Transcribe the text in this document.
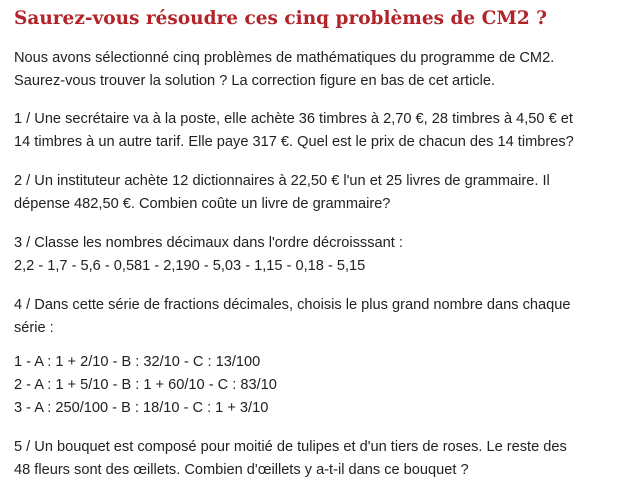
Saurez-vous résoudre ces cinq problèmes de CM2 ?

Nous avons sélectionné cinq problèmes de mathématiques du programme de CM2.
Saurez-vous trouver la solution ? La correction figure en bas de cet article.

1 / Une secrétaire va à la poste, elle achète 36 timbres à 2,70 €, 28 timbres à 4,50 € et
14 timbres à un autre tarif. Elle paye 317 €. Quel est le prix de chacun des 14 timbres?

2 / Un instituteur achète 12 dictionnaires à 22,50 € l'un et 25 livres de grammaire. Il
dépense 482,50 €. Combien coûte un livre de grammaire?

3 / Classe les nombres décimaux dans l'ordre décroisssant :
2,2 - 1,7 - 5,6 - 0,581 - 2,190 - 5,03 - 1,15 - 0,18 - 5,15

4 / Dans cette série de fractions décimales, choisis le plus grand nombre dans chaque
série :

1 - A : 1 + 2/10 - B : 32/10 - C : 13/100
2 - A : 1 + 5/10 - B : 1 + 60/10 - C : 83/10
3 - A : 250/100 - B : 18/10 - C : 1 + 3/10

5 / Un bouquet est composé pour moitié de tulipes et d'un tiers de roses. Le reste des
48 fleurs sont des œillets. Combien d'œillets y a-t-il dans ce bouquet ?
